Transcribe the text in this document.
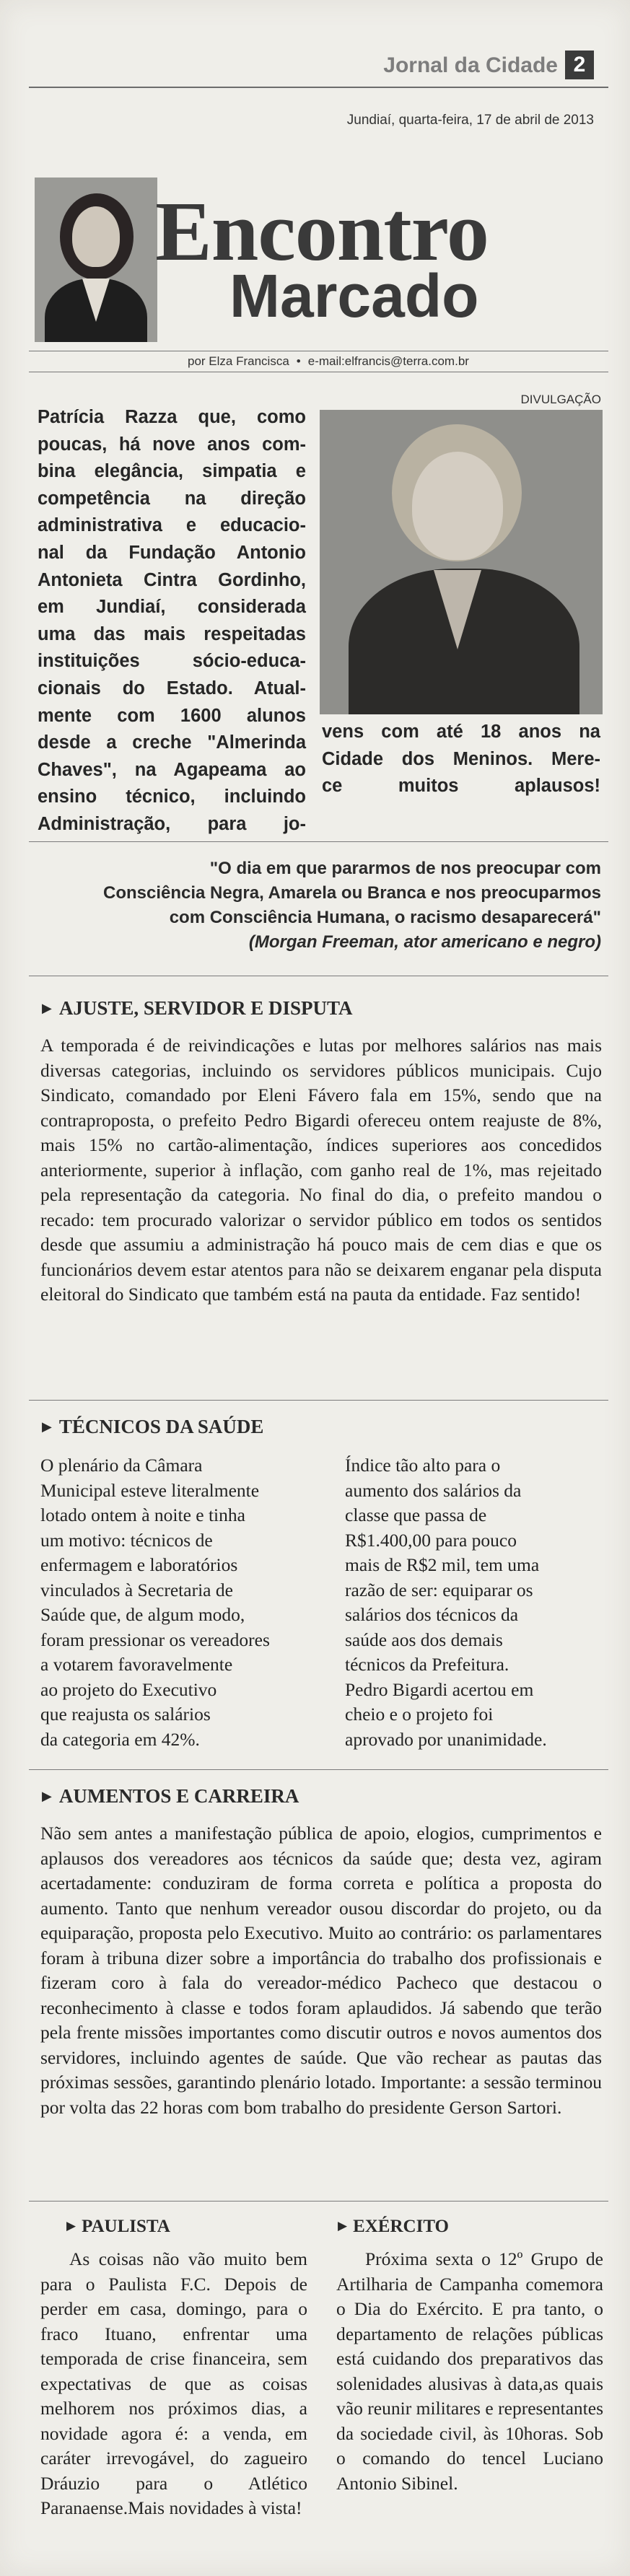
Jornal da Cidade 2
Jundiaí, quarta-feira, 17 de abril de 2013
Encontro
Marcado
por Elza Francisca • e-mail:elfrancis@terra.com.br
DIVULGAÇÃO
Patrícia Razza que, como
poucas, há nove anos com-
bina elegância, simpatia e
competência na direção
administrativa e educacio-
nal da Fundação Antonio
Antonieta Cintra Gordinho,
em Jundiaí, considerada
uma das mais respeitadas
instituições sócio-educa-
cionais do Estado. Atual-
mente com 1600 alunos
desde a creche "Almerinda
Chaves", na Agapeama ao
ensino técnico, incluindo
Administração, para jo-
vens com até 18 anos na
Cidade dos Meninos. Mere-
ce muitos aplausos!
"O dia em que pararmos de nos preocupar com
Consciência Negra, Amarela ou Branca e nos preocuparmos
com Consciência Humana, o racismo desaparecerá"
(Morgan Freeman, ator americano e negro)
▶ AJUSTE, SERVIDOR E DISPUTA
A temporada é de reivindicações e lutas por melhores salários nas mais diversas categorias, incluindo os servidores públicos municipais. Cujo Sindicato, comandado por Eleni Fávero fala em 15%, sendo que na contraproposta, o prefeito Pedro Bigardi ofereceu ontem reajuste de 8%, mais 15% no cartão-alimentação, índices superiores aos concedidos anteriormente, superior à inflação, com ganho real de 1%, mas rejeitado pela representação da categoria. No final do dia, o prefeito mandou o recado: tem procurado valorizar o servidor público em todos os sentidos desde que assumiu a administração há pouco mais de cem dias e que os funcionários devem estar atentos para não se deixarem enganar pela disputa eleitoral do Sindicato que também está na pauta da entidade. Faz sentido!
▶ TÉCNICOS DA SAÚDE
O plenário da Câmara
Municipal esteve literalmente
lotado ontem à noite e tinha
um motivo: técnicos de
enfermagem e laboratórios
vinculados à Secretaria de
Saúde que, de algum modo,
foram pressionar os vereadores
a votarem favoravelmente
ao projeto do Executivo
que reajusta os salários
da categoria em 42%.
Índice tão alto para o
aumento dos salários da
classe que passa de
R$1.400,00 para pouco
mais de R$2 mil, tem uma
razão de ser: equiparar os
salários dos técnicos da
saúde aos dos demais
técnicos da Prefeitura.
Pedro Bigardi acertou em
cheio e o projeto foi
aprovado por unanimidade.
▶ AUMENTOS E CARREIRA
Não sem antes a manifestação pública de apoio, elogios, cumprimentos e aplausos dos vereadores aos técnicos da saúde que; desta vez, agiram acertadamente: conduziram de forma correta e política a proposta do aumento. Tanto que nenhum vereador ousou discordar do projeto, ou da equiparação, proposta pelo Executivo. Muito ao contrário: os parlamentares foram à tribuna dizer sobre a importância do trabalho dos profissionais e fizeram coro à fala do vereador-médico Pacheco que destacou o reconhecimento à classe e todos foram aplaudidos. Já sabendo que terão pela frente missões importantes como discutir outros e novos aumentos dos servidores, incluindo agentes de saúde. Que vão rechear as pautas das próximas sessões, garantindo plenário lotado. Importante: a sessão terminou por volta das 22 horas com bom trabalho do presidente Gerson Sartori.
▶ PAULISTA
As coisas não vão muito bem para o Paulista F.C. Depois de perder em casa, domingo, para o fraco Ituano, enfrentar uma temporada de crise financeira, sem expectativas de que as coisas melhorem nos próximos dias, a novidade agora é: a venda, em caráter irrevogável, do zagueiro Dráuzio para o Atlético Paranaense.Mais novidades à vista!
▶ EXÉRCITO
Próxima sexta o 12º Grupo de Artilharia de Campanha comemora o Dia do Exército. E pra tanto, o departamento de relações públicas está cuidando dos preparativos das solenidades alusivas à data,as quais vão reunir militares e representantes da sociedade civil, às 10horas. Sob o comando do tencel Luciano Antonio Sibinel.
